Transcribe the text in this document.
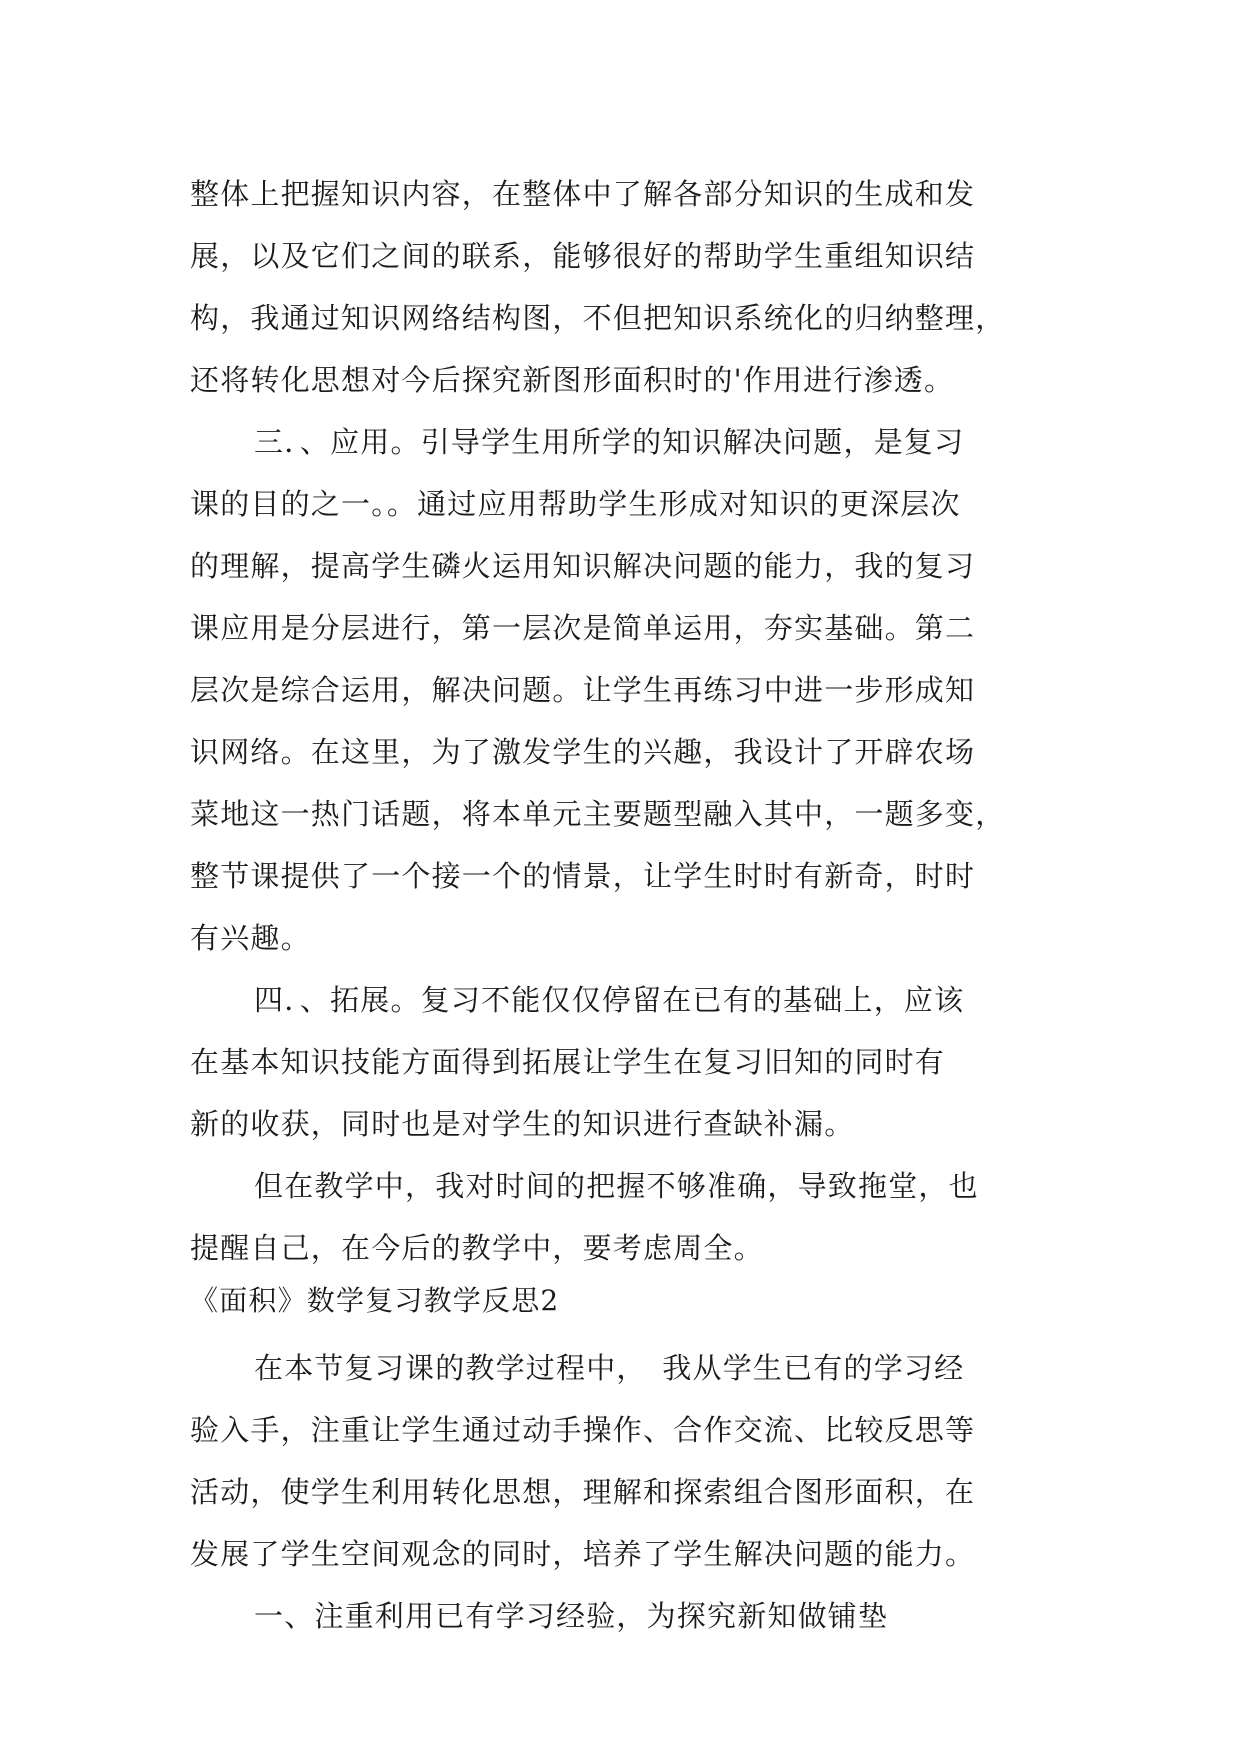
整体上把握知识内容，在整体中了解各部分知识的生成和发
展，以及它们之间的联系，能够很好的帮助学生重组知识结
构，我通过知识网络结构图，不但把知识系统化的归纳整理，
还将转化思想对今后探究新图形面积时的'作用进行渗透。
三．、应用。引导学生用所学的知识解决问题，是复习
课的目的之一。。通过应用帮助学生形成对知识的更深层次
的理解，提高学生磷火运用知识解决问题的能力，我的复习
课应用是分层进行，第一层次是简单运用，夯实基础。第二
层次是综合运用，解决问题。让学生再练习中进一步形成知
识网络。在这里，为了激发学生的兴趣，我设计了开辟农场
菜地这一热门话题，将本单元主要题型融入其中，一题多变，
整节课提供了一个接一个的情景，让学生时时有新奇，时时
有兴趣。
四．、拓展。复习不能仅仅停留在已有的基础上，应该
在基本知识技能方面得到拓展让学生在复习旧知的同时有
新的收获，同时也是对学生的知识进行查缺补漏。
但在教学中，我对时间的把握不够准确，导致拖堂，也
提醒自己，在今后的教学中，要考虑周全。
《面积》数学复习教学反思2
在本节复习课的教学过程中，　我从学生已有的学习经
验入手，注重让学生通过动手操作、合作交流、比较反思等
活动，使学生利用转化思想，理解和探索组合图形面积，在
发展了学生空间观念的同时，培养了学生解决问题的能力。
一、注重利用已有学习经验，为探究新知做铺垫
